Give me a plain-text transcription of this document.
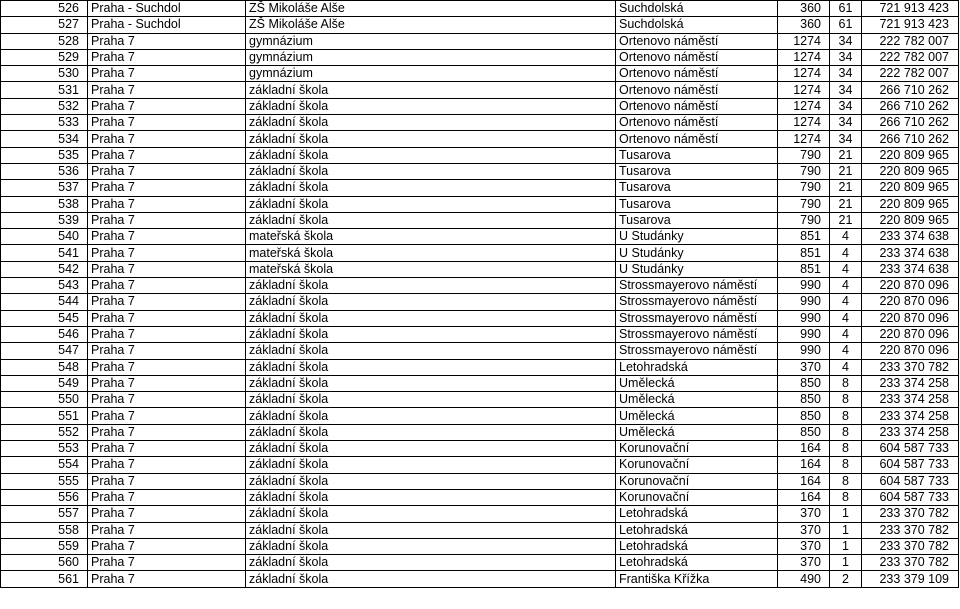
526	Praha - Suchdol	ZŠ Mikoláše Alše	Suchdolská	360	61	721 913 423
527	Praha - Suchdol	ZŠ Mikoláše Alše	Suchdolská	360	61	721 913 423
528	Praha 7	gymnázium	Ortenovo náměstí	1274	34	222 782 007
529	Praha 7	gymnázium	Ortenovo náměstí	1274	34	222 782 007
530	Praha 7	gymnázium	Ortenovo náměstí	1274	34	222 782 007
531	Praha 7	základní škola	Ortenovo náměstí	1274	34	266 710 262
532	Praha 7	základní škola	Ortenovo náměstí	1274	34	266 710 262
533	Praha 7	základní škola	Ortenovo náměstí	1274	34	266 710 262
534	Praha 7	základní škola	Ortenovo náměstí	1274	34	266 710 262
535	Praha 7	základní škola	Tusarova	790	21	220 809 965
536	Praha 7	základní škola	Tusarova	790	21	220 809 965
537	Praha 7	základní škola	Tusarova	790	21	220 809 965
538	Praha 7	základní škola	Tusarova	790	21	220 809 965
539	Praha 7	základní škola	Tusarova	790	21	220 809 965
540	Praha 7	mateřská škola	U Studánky	851	4	233 374 638
541	Praha 7	mateřská škola	U Studánky	851	4	233 374 638
542	Praha 7	mateřská škola	U Studánky	851	4	233 374 638
543	Praha 7	základní škola	Strossmayerovo náměstí	990	4	220 870 096
544	Praha 7	základní škola	Strossmayerovo náměstí	990	4	220 870 096
545	Praha 7	základní škola	Strossmayerovo náměstí	990	4	220 870 096
546	Praha 7	základní škola	Strossmayerovo náměstí	990	4	220 870 096
547	Praha 7	základní škola	Strossmayerovo náměstí	990	4	220 870 096
548	Praha 7	základní škola	Letohradská	370	4	233 370 782
549	Praha 7	základní škola	Umělecká	850	8	233 374 258
550	Praha 7	základní škola	Umělecká	850	8	233 374 258
551	Praha 7	základní škola	Umělecká	850	8	233 374 258
552	Praha 7	základní škola	Umělecká	850	8	233 374 258
553	Praha 7	základní škola	Korunovační	164	8	604 587 733
554	Praha 7	základní škola	Korunovační	164	8	604 587 733
555	Praha 7	základní škola	Korunovační	164	8	604 587 733
556	Praha 7	základní škola	Korunovační	164	8	604 587 733
557	Praha 7	základní škola	Letohradská	370	1	233 370 782
558	Praha 7	základní škola	Letohradská	370	1	233 370 782
559	Praha 7	základní škola	Letohradská	370	1	233 370 782
560	Praha 7	základní škola	Letohradská	370	1	233 370 782
561	Praha 7	základní škola	Františka Křížka	490	2	233 379 109
